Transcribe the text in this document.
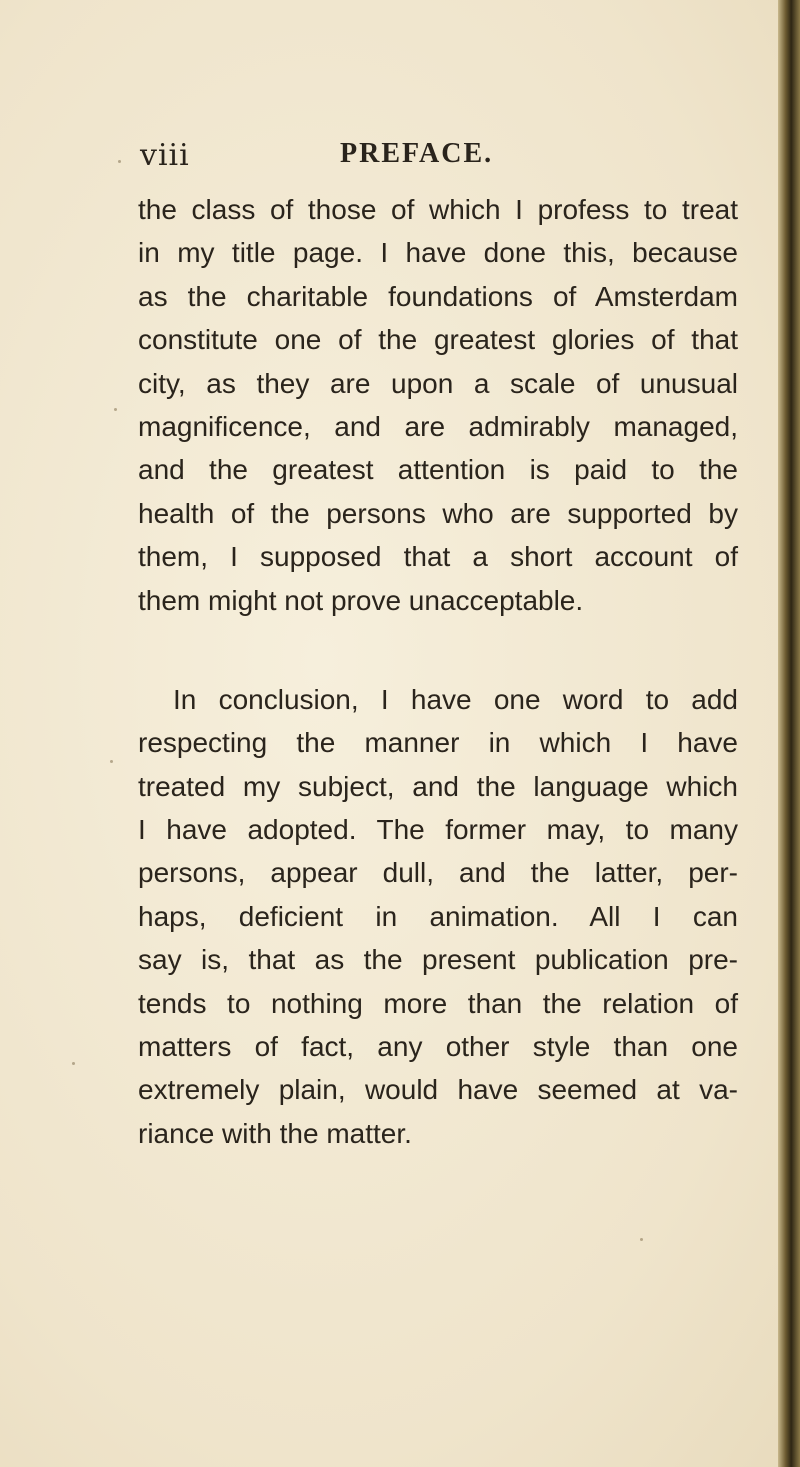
viii	PREFACE.
the class of those of which I profess to treat
in my title page. I have done this, because
as the charitable foundations of Amsterdam
constitute one of the greatest glories of that
city, as they are upon a scale of unusual
magnificence, and are admirably managed,
and the greatest attention is paid to the
health of the persons who are supported by
them, I supposed that a short account of
them might not prove unacceptable.
In conclusion, I have one word to add
respecting the manner in which I have
treated my subject, and the language which
I have adopted. The former may, to many
persons, appear dull, and the latter, per-
haps, deficient in animation. All I can
say is, that as the present publication pre-
tends to nothing more than the relation of
matters of fact, any other style than one
extremely plain, would have seemed at va-
riance with the matter.
